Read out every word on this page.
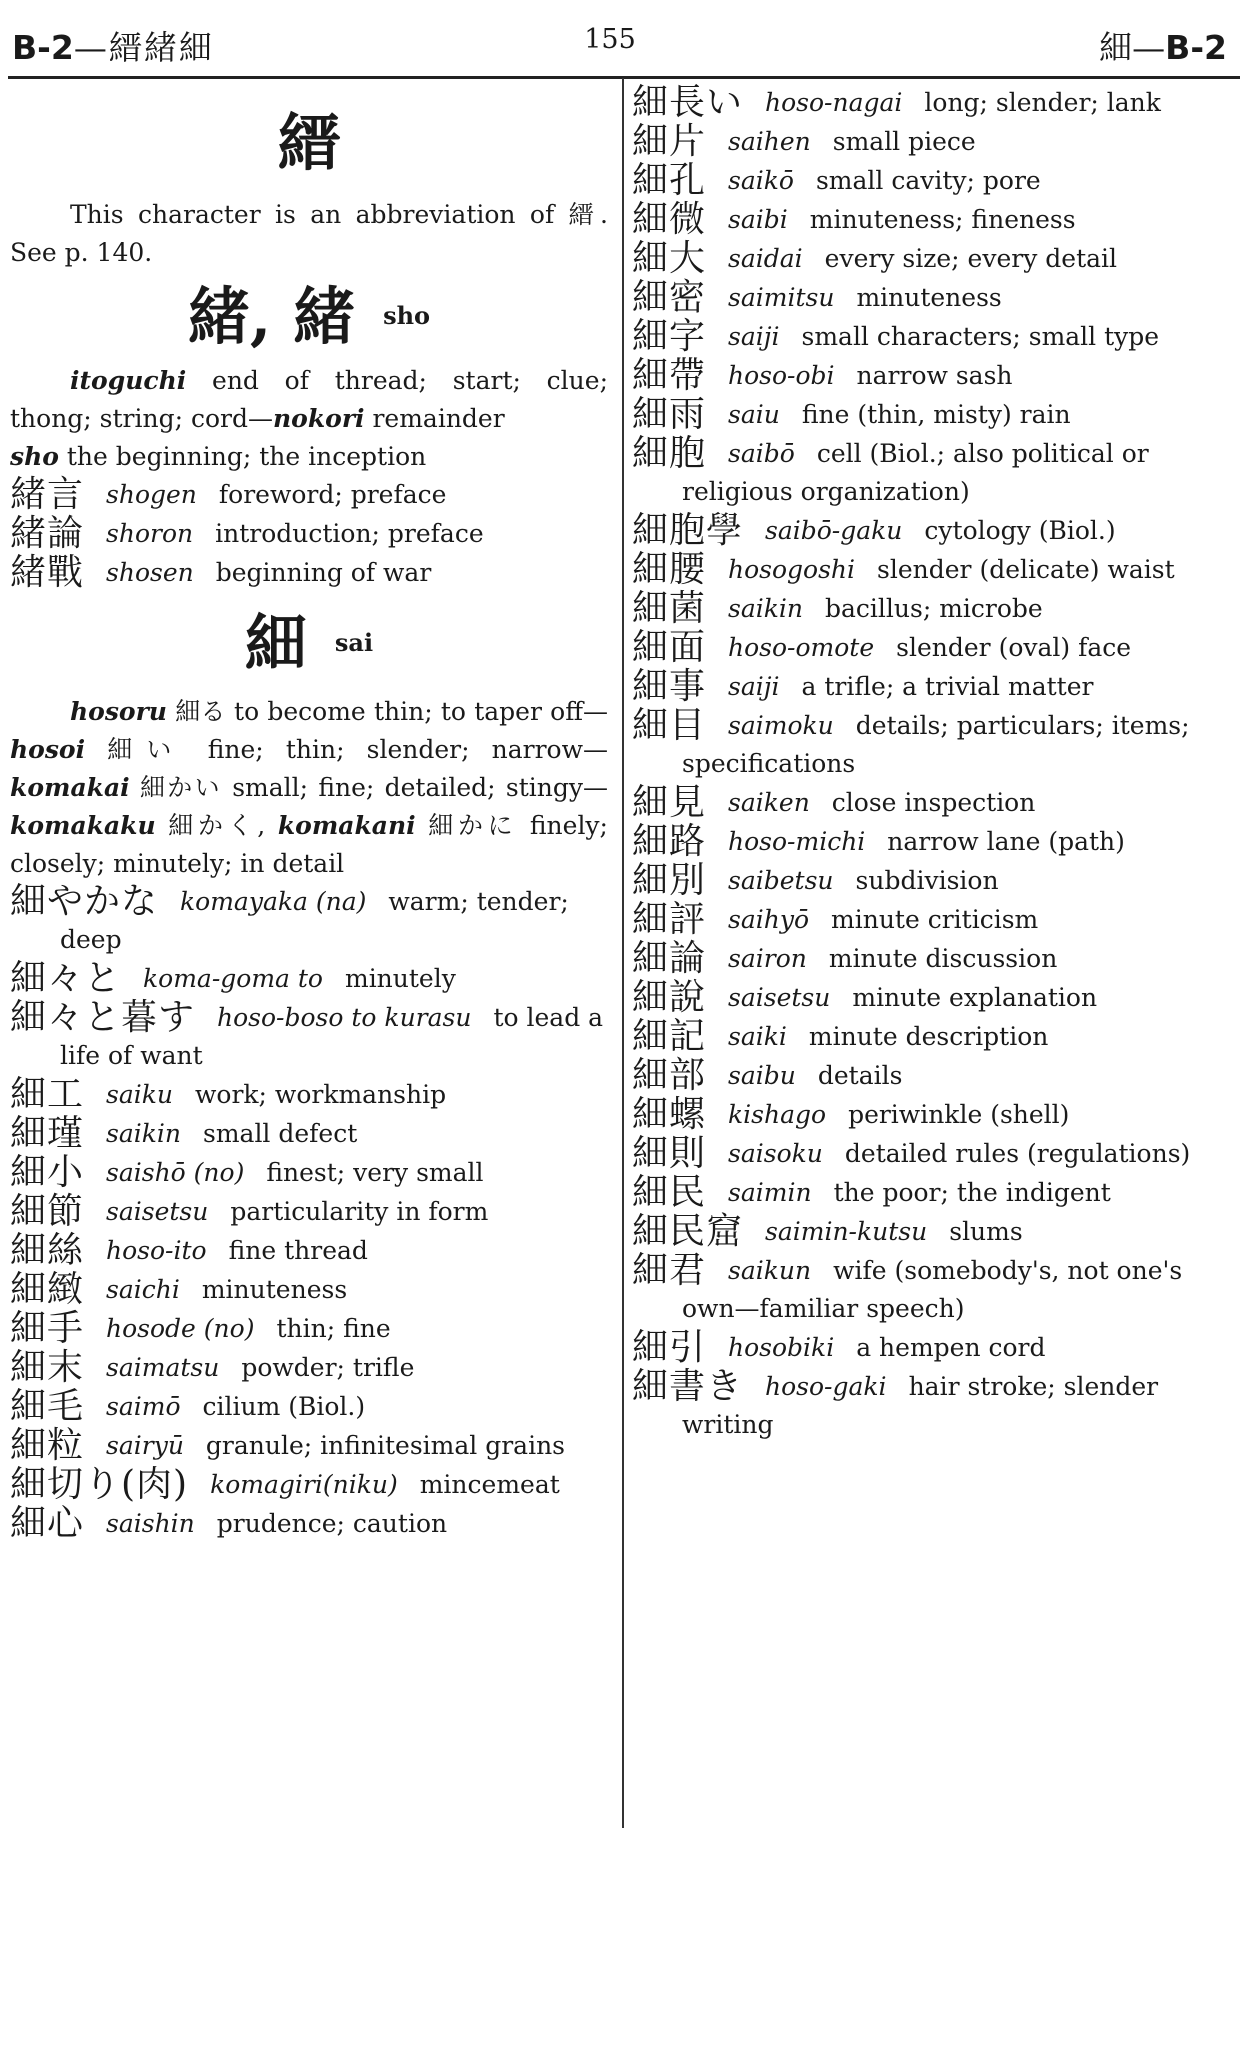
B-2—縉緒細	155	細—B-2
縉

This character is an abbreviation of 縉. See p. 140.

緒, 緒 $^{sho}$

itoguchi end of thread; start; clue; thong; string; cord—nokori remainder

sho the beginning; the inception

緒言 shogen foreword; preface

緒論 shoron introduction; preface

緒戰 shosen beginning of war

細 $^{sai}$

hosoru 細る to become thin; to taper off—hosoi 細い fine; thin; slender; narrow—komakai 細かい small; fine; detailed; stingy—komakaku 細かく, komakani 細かに finely; closely; minutely; in detail

細やかな komayaka (na) warm; tender; deep

細々と koma-goma to minutely

細々と暮す hoso-boso to kurasu to lead a life of want

細工 saiku work; workmanship

細瑾 saikin small defect

細小 saishō (no) finest; very small

細節 saisetsu particularity in form

細絲 hoso-ito fine thread

細緻 saichi minuteness

細手 hosode (no) thin; fine

細末 saimatsu powder; trifle

細毛 saimō cilium (Biol.)

細粒 sairyū granule; infinitesimal grains

細切り(肉) komagiri(niku) mincemeat

細心 saishin prudence; caution

細長い hoso-nagai long; slender; lank

細片 saihen small piece

細孔 saikō small cavity; pore

細微 saibi minuteness; fineness

細大 saidai every size; every detail

細密 saimitsu minuteness

細字 saiji small characters; small type

細帶 hoso-obi narrow sash

細雨 saiu fine (thin, misty) rain

細胞 saibō cell (Biol.; also political or religious organization)

細胞學 saibō-gaku cytology (Biol.)

細腰 hosogoshi slender (delicate) waist

細菌 saikin bacillus; microbe

細面 hoso-omote slender (oval) face

細事 saiji a trifle; a trivial matter

細目 saimoku details; particulars; items; specifications

細見 saiken close inspection

細路 hoso-michi narrow lane (path)

細別 saibetsu subdivision

細評 saihyō minute criticism

細論 sairon minute discussion

細說 saisetsu minute explanation

細記 saiki minute description

細部 saibu details

細螺 kishago periwinkle (shell)

細則 saisoku detailed rules (regulations)

細民 saimin the poor; the indigent

細民窟 saimin-kutsu slums

細君 saikun wife (somebody's, not one's own—familiar speech)

細引 hosobiki a hempen cord

細書き hoso-gaki hair stroke; slender writing
